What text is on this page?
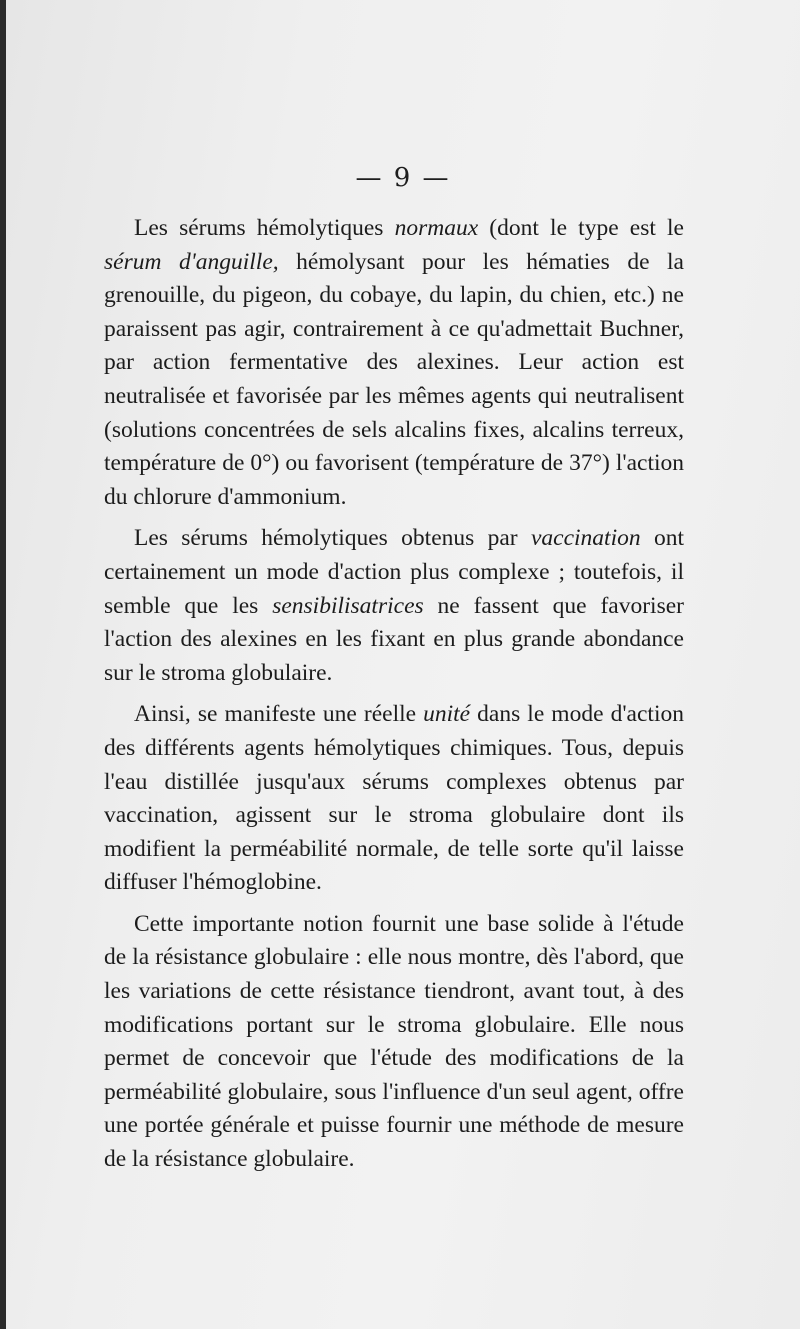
— 9 —

Les sérums hémolytiques normaux (dont le type est le sérum d'anguille, hémolysant pour les hématies de la grenouille, du pigeon, du cobaye, du lapin, du chien, etc.) ne paraissent pas agir, contrairement à ce qu'admettait Buchner, par action fermentative des alexines. Leur action est neutralisée et favorisée par les mêmes agents qui neutralisent (solutions concentrées de sels alcalins fixes, alcalins terreux, température de 0°) ou favorisent (température de 37°) l'action du chlorure d'ammonium.

Les sérums hémolytiques obtenus par vaccination ont certainement un mode d'action plus complexe ; toutefois, il semble que les sensibilisatrices ne fassent que favoriser l'action des alexines en les fixant en plus grande abondance sur le stroma globulaire.

Ainsi, se manifeste une réelle unité dans le mode d'action des différents agents hémolytiques chimiques. Tous, depuis l'eau distillée jusqu'aux sérums complexes obtenus par vaccination, agissent sur le stroma globulaire dont ils modifient la perméabilité normale, de telle sorte qu'il laisse diffuser l'hémoglobine.

Cette importante notion fournit une base solide à l'étude de la résistance globulaire : elle nous montre, dès l'abord, que les variations de cette résistance tiendront, avant tout, à des modifications portant sur le stroma globulaire. Elle nous permet de concevoir que l'étude des modifications de la perméabilité globulaire, sous l'influence d'un seul agent, offre une portée générale et puisse fournir une méthode de mesure de la résistance globulaire.
